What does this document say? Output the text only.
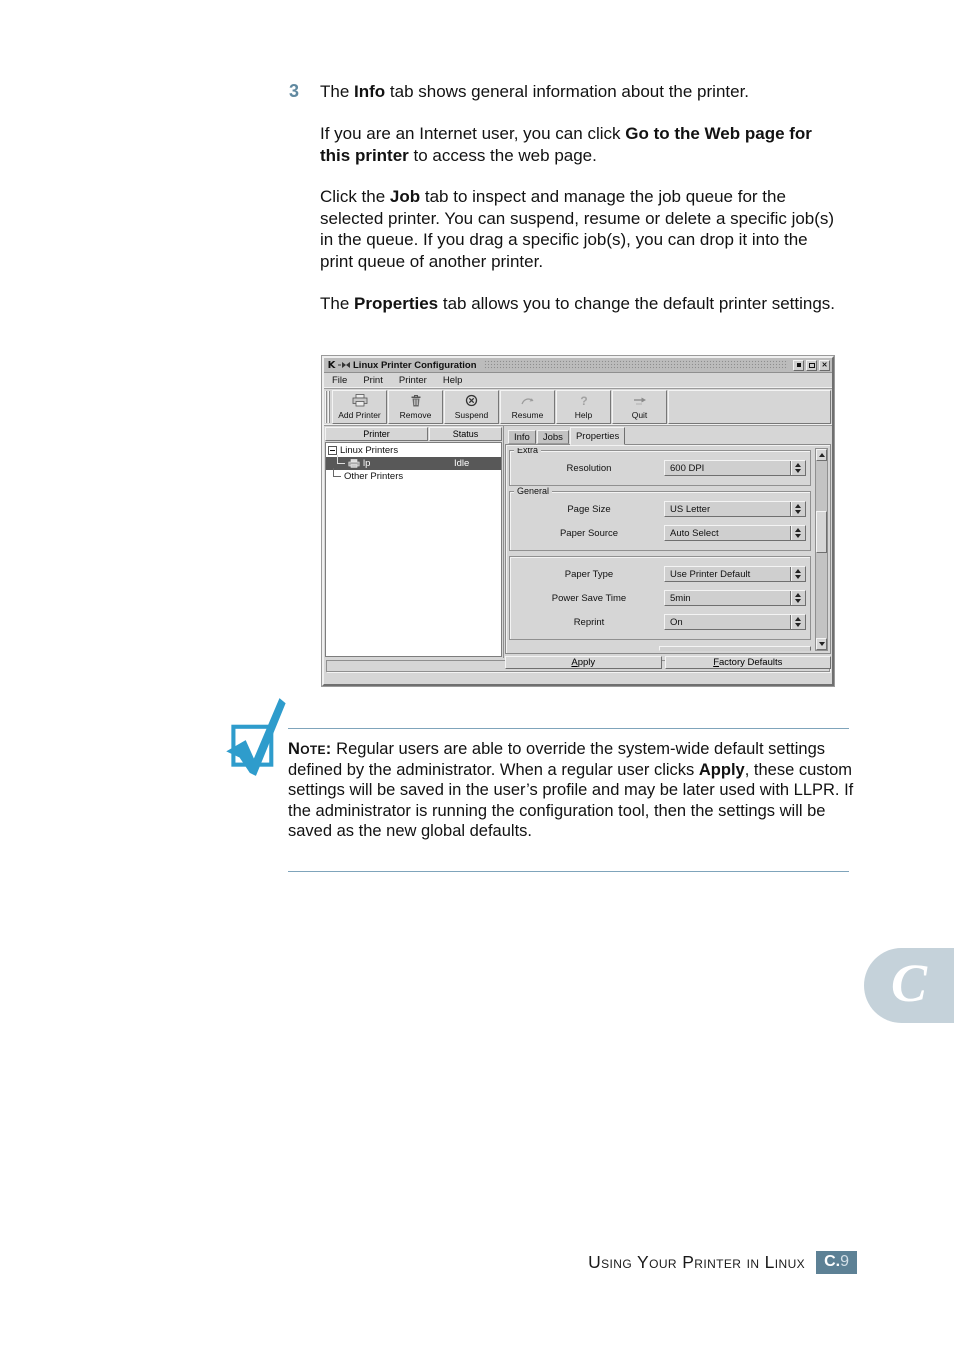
3 The Info tab shows general information about the printer.
If you are an Internet user, you can click Go to the Web page for this printer to access the web page.
Click the Job tab to inspect and manage the job queue for the selected printer. You can suspend, resume or delete a specific job(s) in the queue. If you drag a specific job(s), you can drop it into the print queue of another printer.
The Properties tab allows you to change the default printer settings.
K Linux Printer Configuration	✕
File Print Printer Help
Add Printer Remove	Suspend	Resume
?
Help	Quit
Printer	Status
Linux Printers
lp	Idle
Other Printers
Info	Jobs	Properties
Extra
Resolution	600 DPI
General
Page Size	US Letter
Paper Source	Auto Select
Paper Type	Use Printer Default
Power Save Time	5min
Reprint	On
A pply	F actory Defaults
Note: Regular users are able to override the system-wide default settings defined by the administrator. When a regular user clicks Apply, these custom settings will be saved in the user’s profile and may be later used with LLPR. If the administrator is running the configuration tool, then the settings will be saved as the new global defaults.
C
Using Your Printer in Linux C. 9
